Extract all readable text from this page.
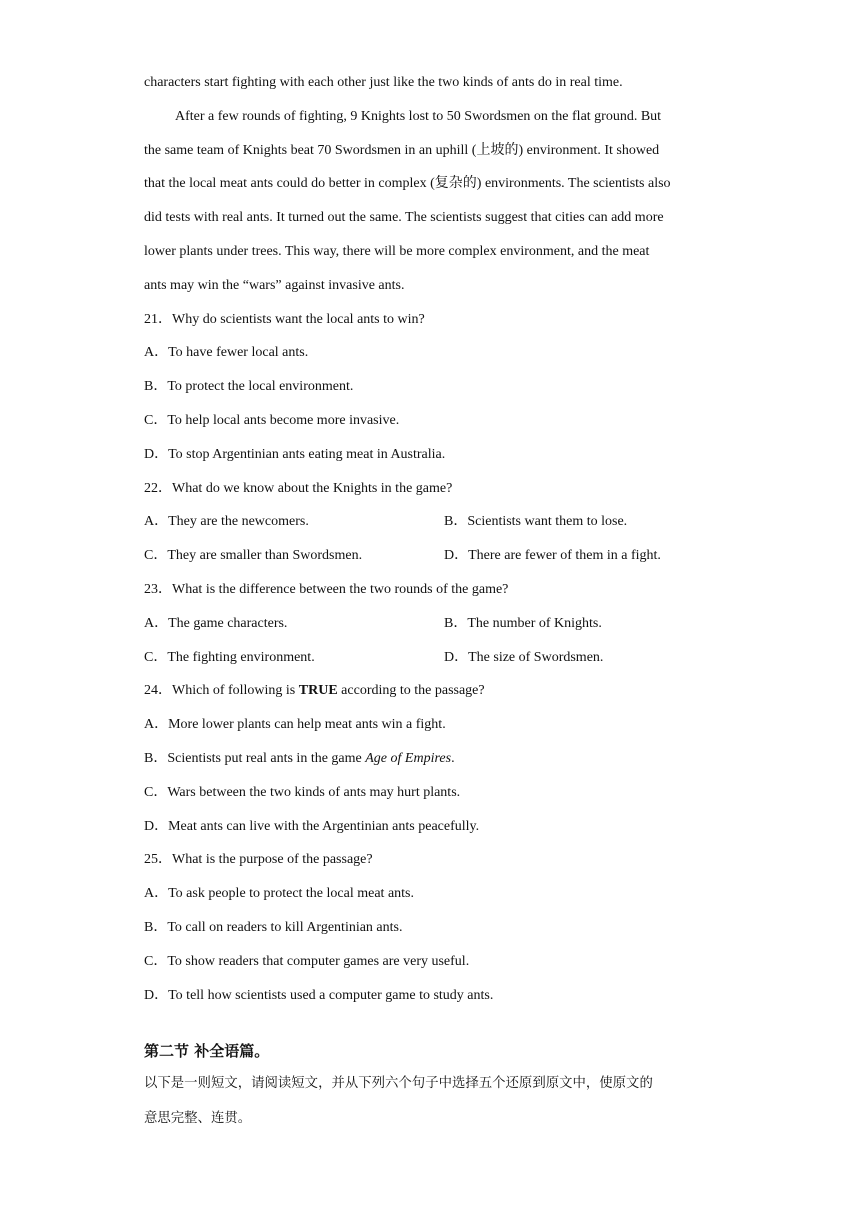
characters start fighting with each other just like the two kinds of ants do in real time.
After a few rounds of fighting, 9 Knights lost to 50 Swordsmen on the flat ground. But
the same team of Knights beat 70 Swordsmen in an uphill (上坡的) environment. It showed
that the local meat ants could do better in complex (复杂的) environments. The scientists also
did tests with real ants. It turned out the same. The scientists suggest that cities can add more
lower plants under trees. This way, there will be more complex environment, and the meat
ants may win the “wars” against invasive ants.
21．Why do scientists want the local ants to win?
A．To have fewer local ants.
B．To protect the local environment.
C．To help local ants become more invasive.
D．To stop Argentinian ants eating meat in Australia.
22．What do we know about the Knights in the game?
A．They are the newcomers.	B．Scientists want them to lose.
C．They are smaller than Swordsmen.	D．There are fewer of them in a fight.
23．What is the difference between the two rounds of the game?
A．The game characters.	B．The number of Knights.
C．The fighting environment.	D．The size of Swordsmen.
24．Which of following is TRUE according to the passage?
A．More lower plants can help meat ants win a fight.
B．Scientists put real ants in the game Age of Empires.
C．Wars between the two kinds of ants may hurt plants.
D．Meat ants can live with the Argentinian ants peacefully.
25．What is the purpose of the passage?
A．To ask people to protect the local meat ants.
B．To call on readers to kill Argentinian ants.
C．To show readers that computer games are very useful.
D．To tell how scientists used a computer game to study ants.
第二节 补全语篇。
以下是一则短文，请阅读短文，并从下列六个句子中选择五个还原到原文中，使原文的
意思完整、连贯。
